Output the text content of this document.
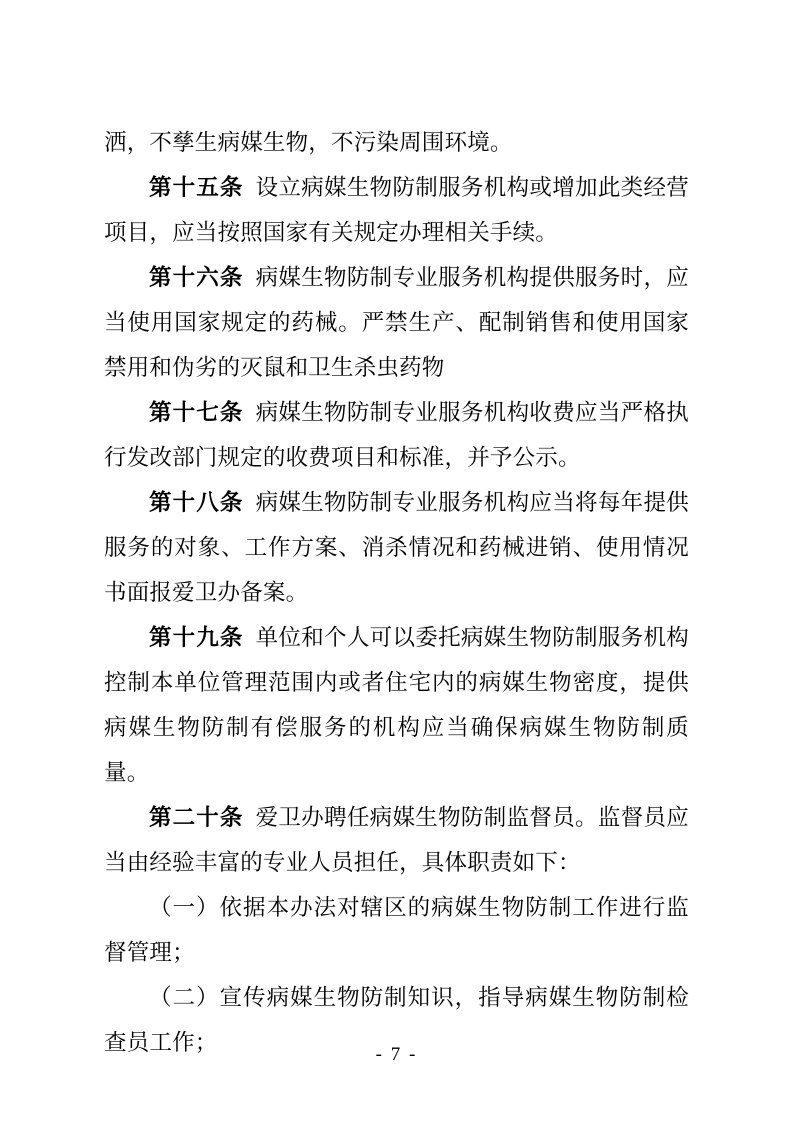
洒，不孳生病媒生物，不污染周围环境。

第十五条 设立病媒生物防制服务机构或增加此类经营项目，应当按照国家有关规定办理相关手续。

第十六条 病媒生物防制专业服务机构提供服务时，应当使用国家规定的药械。严禁生产、配制销售和使用国家禁用和伪劣的灭鼠和卫生杀虫药物

第十七条 病媒生物防制专业服务机构收费应当严格执行发改部门规定的收费项目和标准，并予公示。

第十八条 病媒生物防制专业服务机构应当将每年提供服务的对象、工作方案、消杀情况和药械进销、使用情况书面报爱卫办备案。

第十九条 单位和个人可以委托病媒生物防制服务机构控制本单位管理范围内或者住宅内的病媒生物密度，提供病媒生物防制有偿服务的机构应当确保病媒生物防制质量。

第二十条 爱卫办聘任病媒生物防制监督员。监督员应当由经验丰富的专业人员担任，具体职责如下：

（一）依据本办法对辖区的病媒生物防制工作进行监督管理；

（二）宣传病媒生物防制知识，指导病媒生物防制检查员工作；	- 7 -
